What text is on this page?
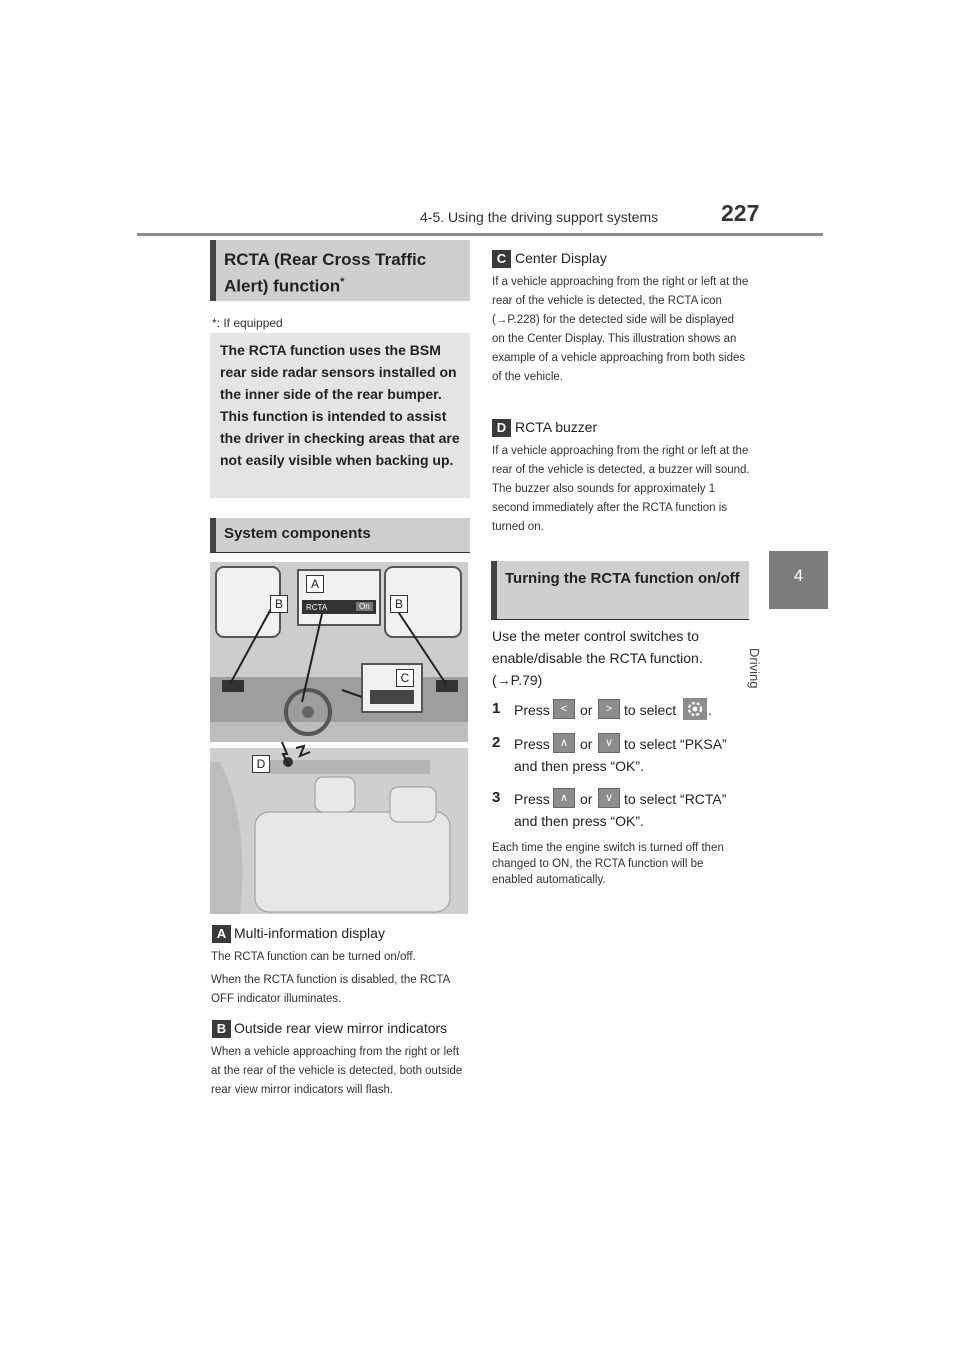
4-5. Using the driving support systems	227
4
Driving
RCTA (Rear Cross Traffic Alert) function*
*: If equipped
The RCTA function uses the BSM rear side radar sensors installed on the inner side of the rear bumper. This function is intended to assist the driver in checking areas that are not easily visible when backing up.
System components
RCTA	On
A
B	B
C
D
A Multi-information display
The RCTA function can be turned on/off.
When the RCTA function is disabled, the RCTA OFF indicator illuminates.
B Outside rear view mirror indicators
When a vehicle approaching from the right or left at the rear of the vehicle is detected, both outside rear view mirror indicators will flash.
C Center Display
If a vehicle approaching from the right or left at the rear of the vehicle is detected, the RCTA icon (→P.228) for the detected side will be displayed on the Center Display. This illustration shows an example of a vehicle approaching from both sides of the vehicle.
D RCTA buzzer
If a vehicle approaching from the right or left at the rear of the vehicle is detected, a buzzer will sound. The buzzer also sounds for approximately 1 second immediately after the RCTA function is turned on.
Turning the RCTA function on/off
Use the meter control switches to enable/disable the RCTA function. (→P.79)
1 Press < or	> to select .
2 Press ∧ or	∨ to select “PKSA”
and then press “OK”.
3 Press ∧ or	∨ to select “RCTA”
and then press “OK”.
Each time the engine switch is turned off then changed to ON, the RCTA function will be enabled automatically.
